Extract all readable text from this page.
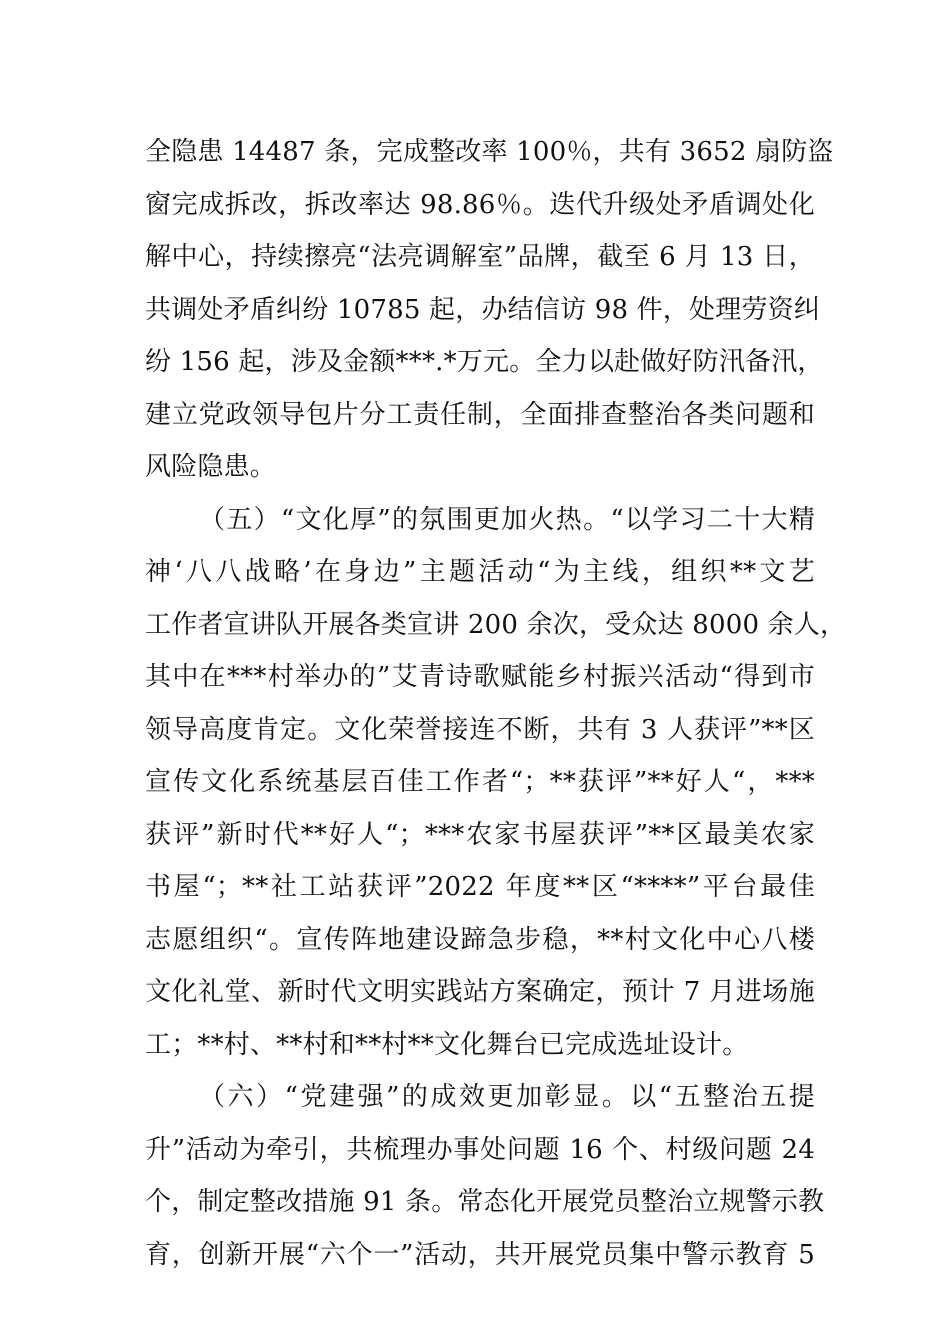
全隐患 14487 条，完成整改率 100％，共有 3652 扇防盗
窗完成拆改，拆改率达 98.86％。迭代升级处矛盾调处化
解中心，持续擦亮“法亮调解室”品牌，截至 6 月 13 日，
共调处矛盾纠纷 10785 起，办结信访 98 件，处理劳资纠
纷 156 起，涉及金额***.*万元。全力以赴做好防汛备汛，
建立党政领导包片分工责任制，全面排查整治各类问题和
风险隐患。
（五）“文化厚”的氛围更加火热。“以学习二十大精
神‘八八战略’在身边”主题活动“为主线，组织**文艺
工作者宣讲队开展各类宣讲 200 余次，受众达 8000 余人，
其中在***村举办的”艾青诗歌赋能乡村振兴活动“得到市
领导高度肯定。文化荣誉接连不断，共有 3 人获评”**区
宣传文化系统基层百佳工作者“；**获评”**好人“，***
获评”新时代**好人“；***农家书屋获评”**区最美农家
书屋“；**社工站获评”2022 年度**区“****”平台最佳
志愿组织“。宣传阵地建设蹄急步稳，**村文化中心八楼
文化礼堂、新时代文明实践站方案确定，预计 7 月进场施
工；**村、**村和**村**文化舞台已完成选址设计。
（六）“党建强”的成效更加彰显。以“五整治五提
升”活动为牵引，共梳理办事处问题 16 个、村级问题 24
个，制定整改措施 91 条。常态化开展党员整治立规警示教
育，创新开展“六个一”活动，共开展党员集中警示教育 5
